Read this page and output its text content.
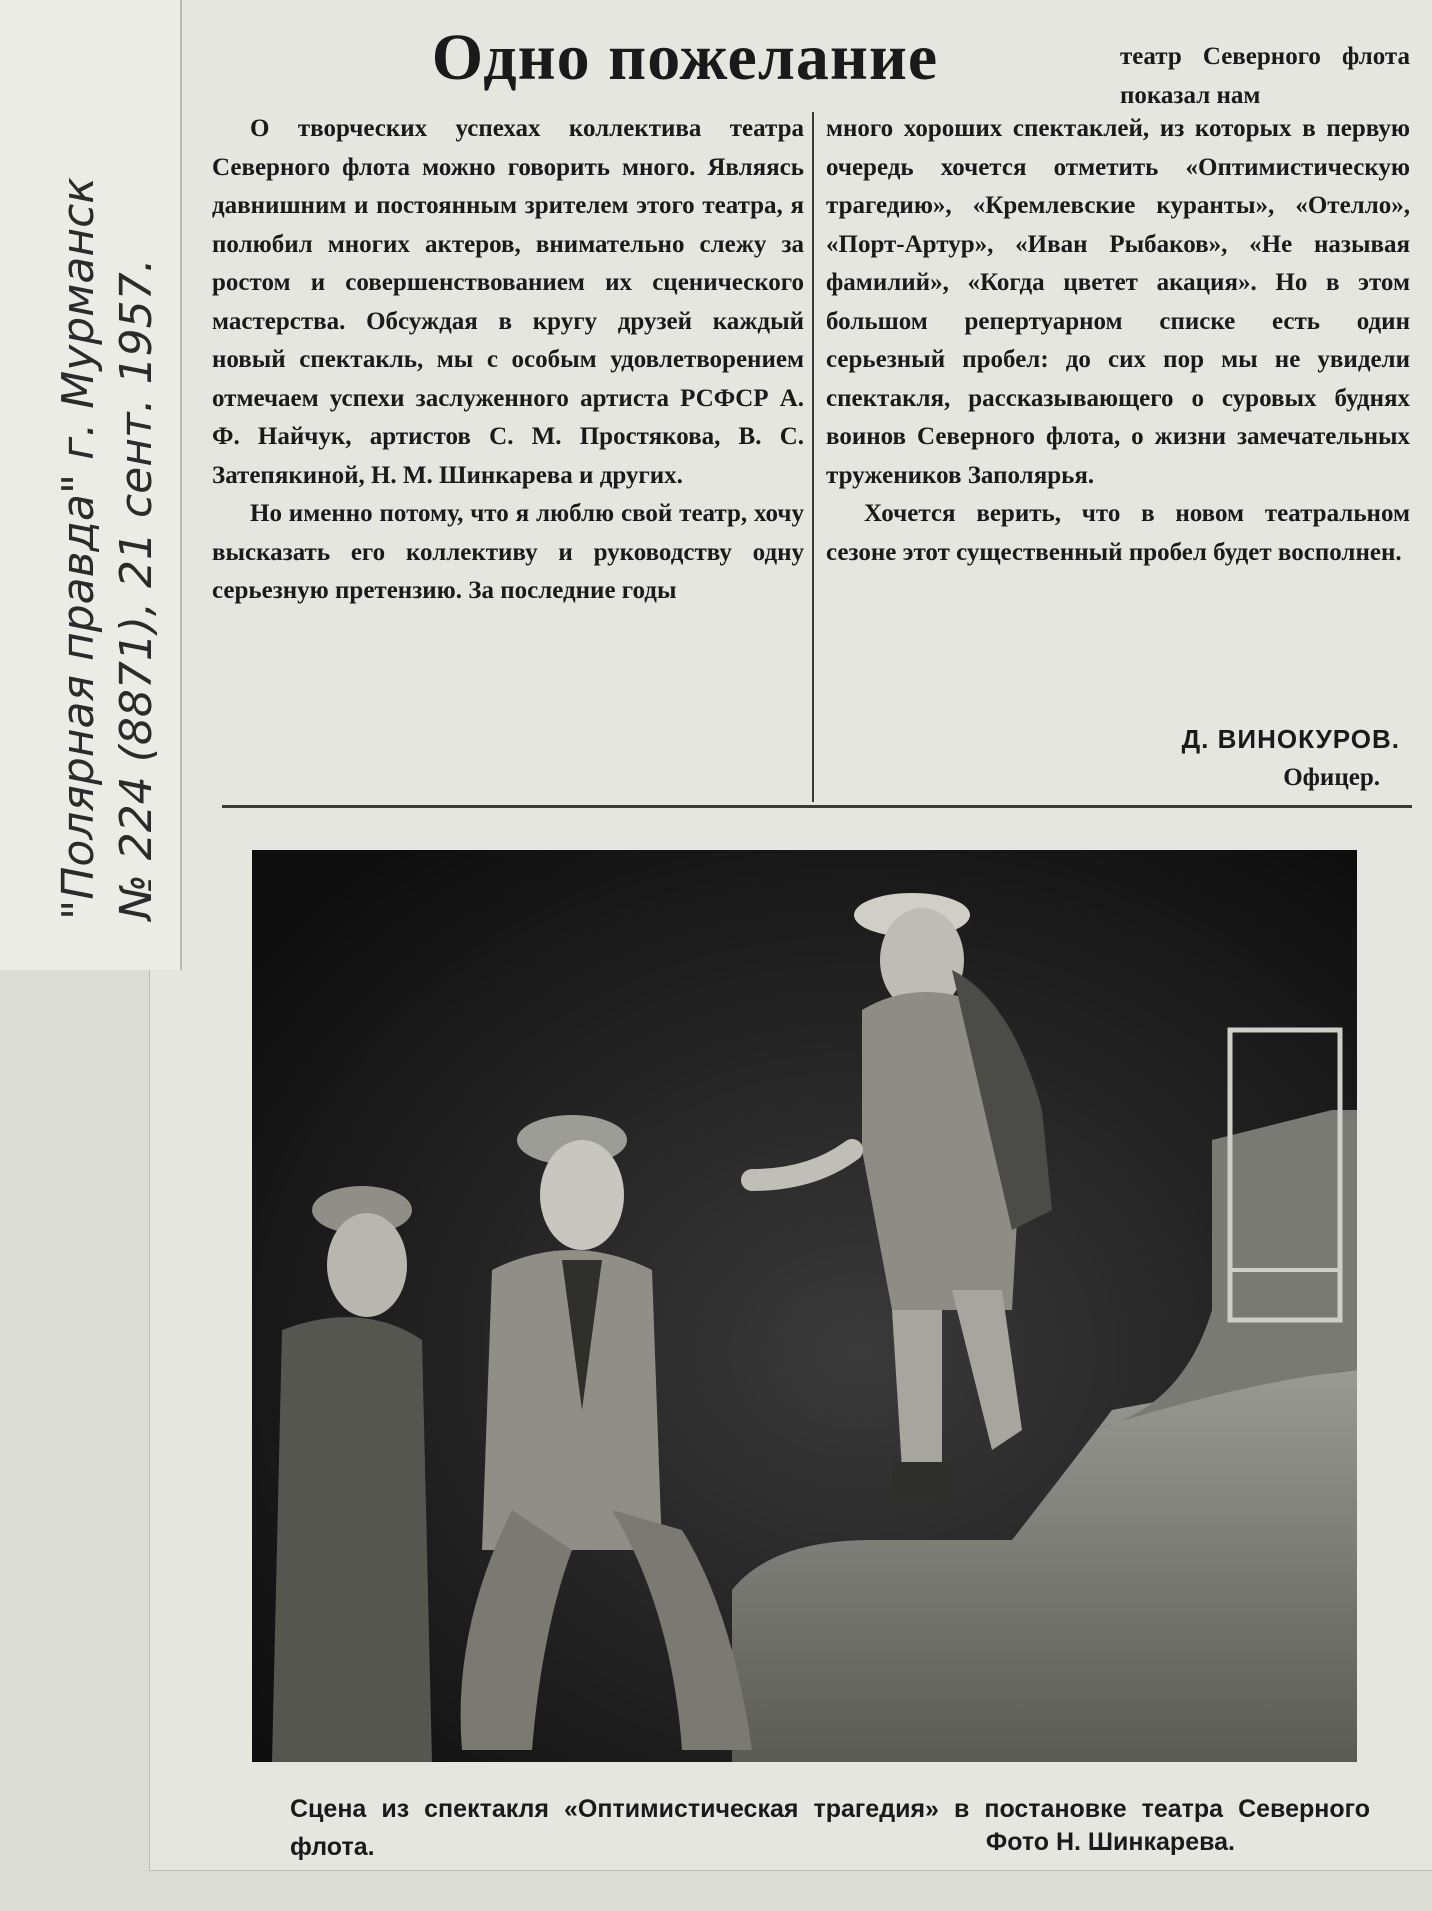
"Полярная правда" г. Мурманск № 224 (8871), 21 сент. 1957.
Одно пожелание

О творческих успехах коллектива театра Северного флота можно говорить много. Являясь давнишним и постоянным зрителем этого театра, я полюбил многих актеров, внимательно слежу за ростом и совершенствованием их сценического мастерства. Обсуждая в кругу друзей каждый новый спектакль, мы с особым удовлетворением отмечаем успехи заслуженного артиста РСФСР А. Ф. Найчук, артистов С. М. Простякова, В. С. Затепякиной, Н. М. Шинкарева и других.

Но именно потому, что я люблю свой театр, хочу высказать его коллективу и руководству одну серьезную претензию. За последние годы

театр Северного флота показал нам

много хороших спектаклей, из которых в первую очередь хочется отметить «Оптимистическую трагедию», «Кремлевские куранты», «Отелло», «Порт-Артур», «Иван Рыбаков», «Не называя фамилий», «Когда цветет акация». Но в этом большом репертуарном списке есть один серьезный пробел: до сих пор мы не увидели спектакля, рассказывающего о суровых буднях воинов Северного флота, о жизни замечательных тружеников Заполярья.

Хочется верить, что в новом театральном сезоне этот существенный пробел будет восполнен.

Д. ВИНОКУРОВ.
Офицер.
Сцена из спектакля «Оптимистическая трагедия» в постановке театра Северного флота.	Фото Н. Шинкарева.
